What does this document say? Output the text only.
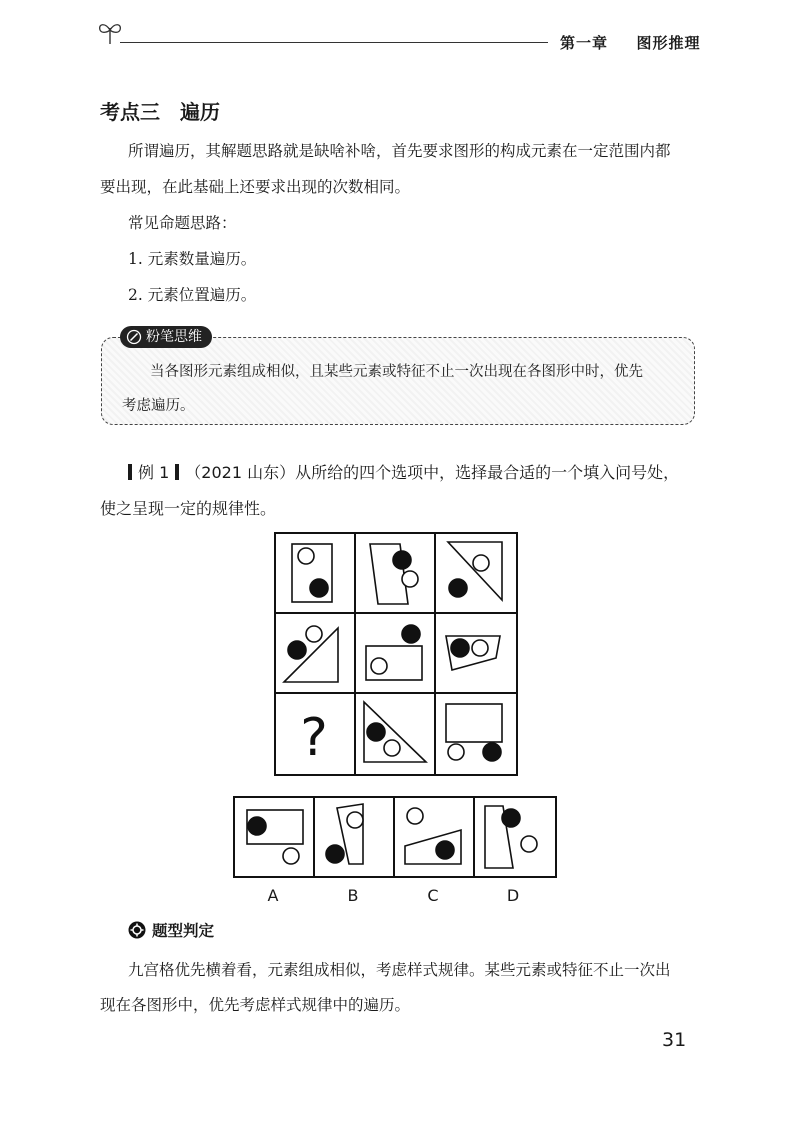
第一章 图形推理
考点三　遍历
所谓遍历，其解题思路就是缺啥补啥，首先要求图形的构成元素在一定范围内都
要出现，在此基础上还要求出现的次数相同。
常见命题思路：
1. 元素数量遍历。
2. 元素位置遍历。
粉笔思维
当各图形元素组成相似，且某些元素或特征不止一次出现在各图形中时，优先
考虑遍历。
例 1 （2021 山东）从所给的四个选项中，选择最合适的一个填入问号处，
使之呈现一定的规律性。
?
A	B	C	D
题型判定
九宫格优先横着看，元素组成相似，考虑样式规律。某些元素或特征不止一次出
现在各图形中，优先考虑样式规律中的遍历。
31
